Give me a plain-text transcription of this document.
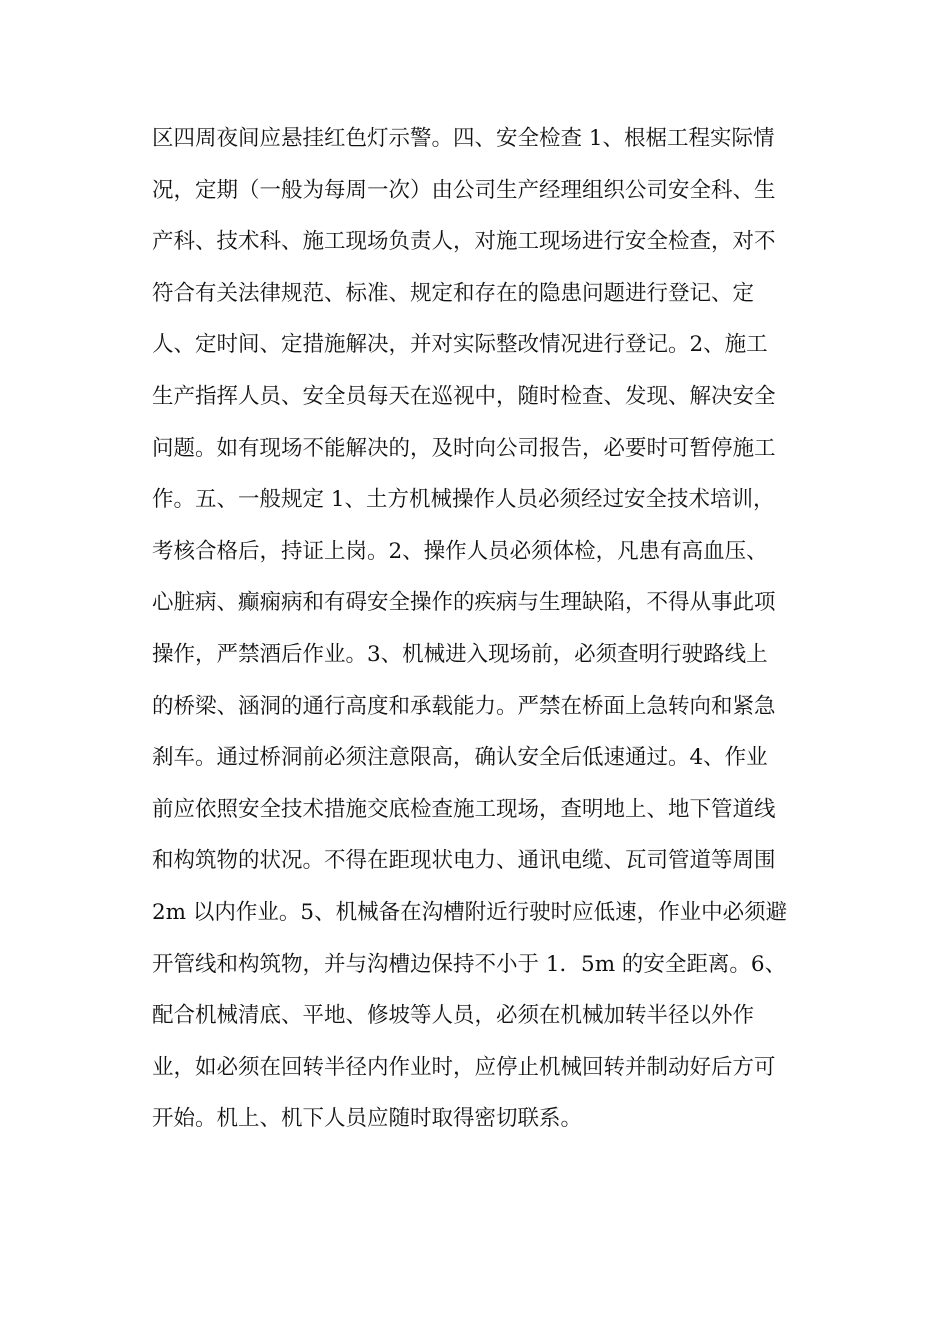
区四周夜间应悬挂红色灯示警。四、安全检查 1、根椐工程实际情
况，定期（一般为每周一次）由公司生产经理组织公司安全科、生
产科、技术科、施工现场负责人，对施工现场进行安全检查，对不
符合有关法律规范、标准、规定和存在的隐患问题进行登记、定
人、定时间、定措施解决，并对实际整改情况进行登记。2、施工
生产指挥人员、安全员每天在巡视中，随时检查、发现、解决安全
问题。如有现场不能解决的，及时向公司报告，必要时可暂停施工
作。五、一般规定 1、土方机械操作人员必须经过安全技术培训，
考核合格后，持证上岗。2、操作人员必须体检，凡患有高血压、
心脏病、癫痫病和有碍安全操作的疾病与生理缺陷，不得从事此项
操作，严禁酒后作业。3、机械进入现场前，必须查明行驶路线上
的桥梁、涵洞的通行高度和承载能力。严禁在桥面上急转向和紧急
刹车。通过桥洞前必须注意限高，确认安全后低速通过。4、作业
前应依照安全技术措施交底检查施工现场，查明地上、地下管道线
和构筑物的状况。不得在距现状电力、通讯电缆、瓦司管道等周围
2m 以内作业。5、机械备在沟槽附近行驶时应低速，作业中必须避
开管线和构筑物，并与沟槽边保持不小于 1．5m 的安全距离。6、
配合机械清底、平地、修坡等人员，必须在机械加转半径以外作
业，如必须在回转半径内作业时，应停止机械回转并制动好后方可
开始。机上、机下人员应随时取得密切联系。
